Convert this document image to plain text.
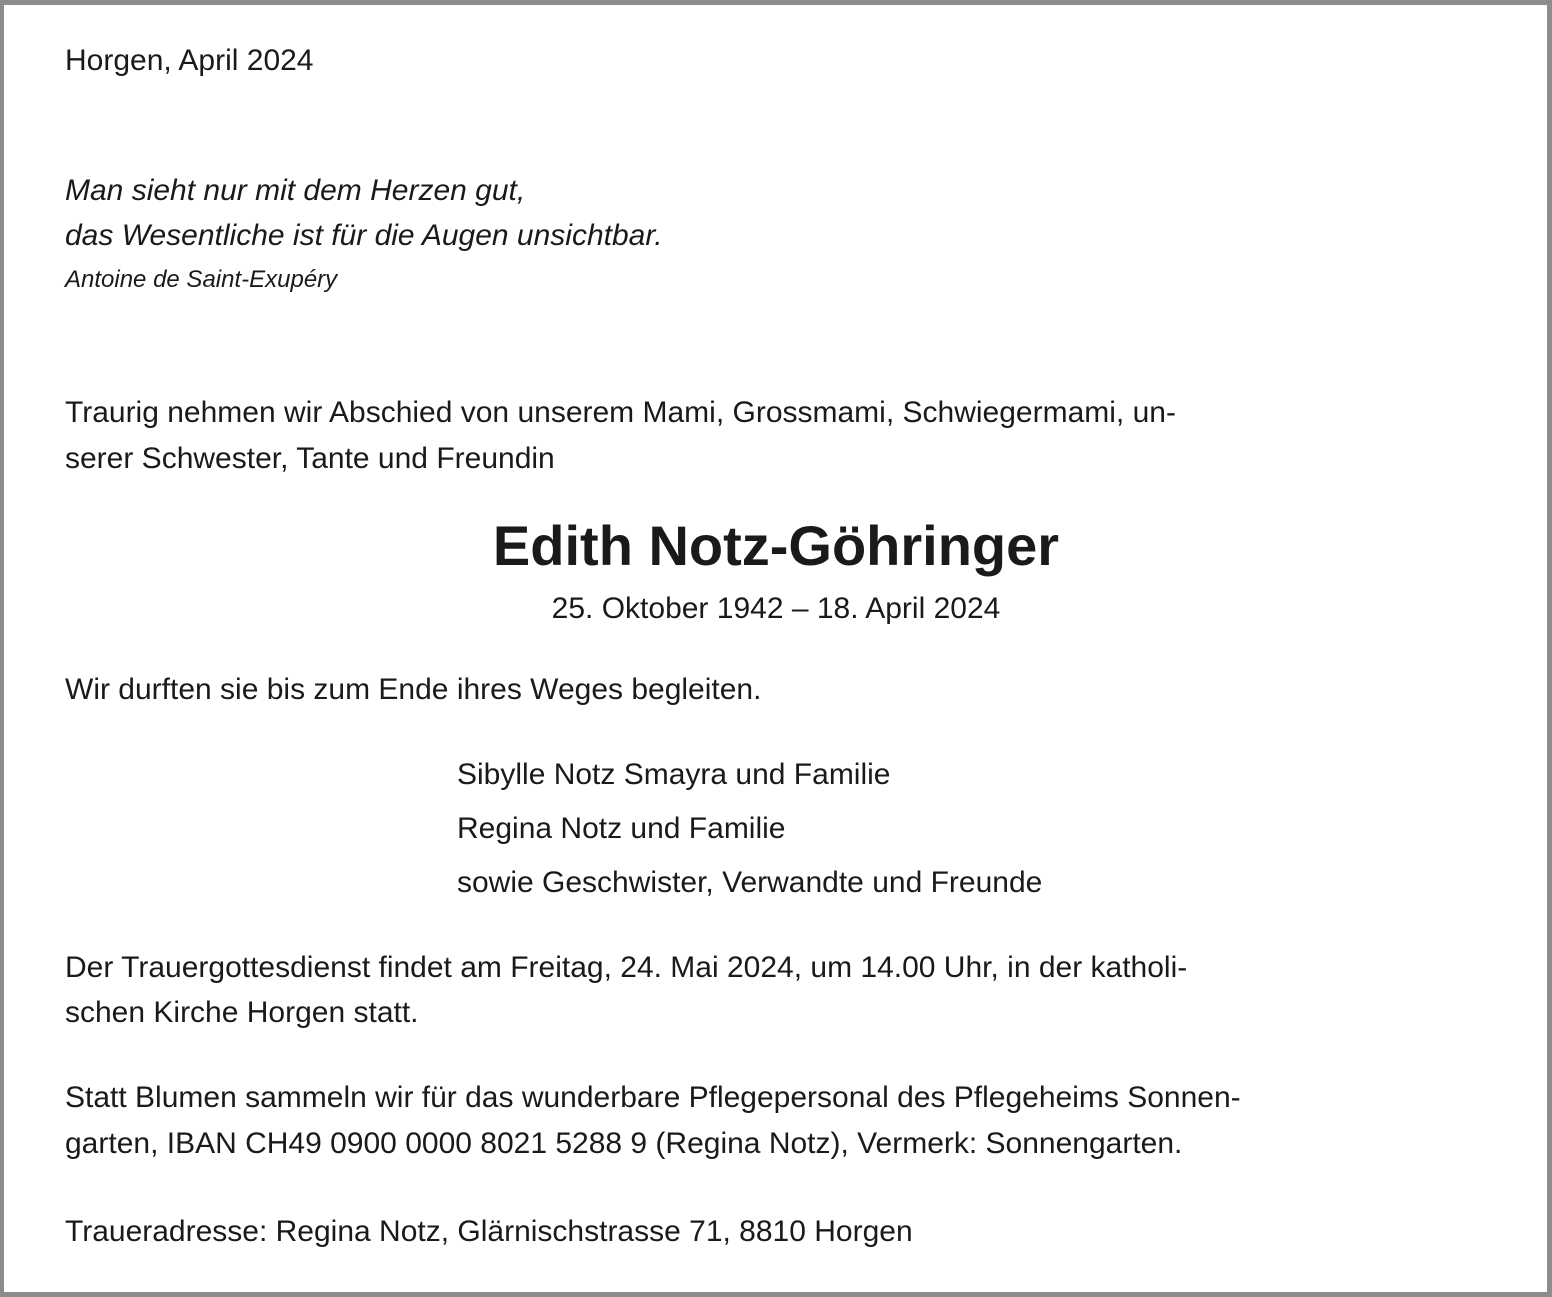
Horgen, April 2024

Man sieht nur mit dem Herzen gut,

das Wesentliche ist für die Augen unsichtbar.

Antoine de Saint-Exupéry

Traurig nehmen wir Abschied von unserem Mami, Grossmami, Schwiegermami, un-

serer Schwester, Tante und Freundin

Edith Notz-Göhringer
25. Oktober 1942 – 18. April 2024

Wir durften sie bis zum Ende ihres Weges begleiten.

Sibylle Notz Smayra und Familie

Regina Notz und Familie

sowie Geschwister, Verwandte und Freunde

Der Trauergottesdienst findet am Freitag, 24. Mai 2024, um 14.00 Uhr, in der katholi-

schen Kirche Horgen statt.

Statt Blumen sammeln wir für das wunderbare Pflegepersonal des Pflegeheims Sonnen-

garten, IBAN CH49 0900 0000 8021 5288 9 (Regina Notz), Vermerk: Sonnengarten.

Traueradresse: Regina Notz, Glärnischstrasse 71, 8810 Horgen
